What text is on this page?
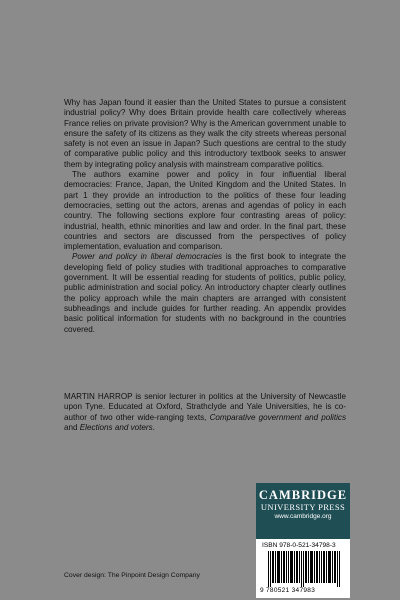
Why has Japan found it easier than the United States to pursue a consistent industrial policy? Why does Britain provide health care collectively whereas France relies on private provision? Why is the American government unable to ensure the safety of its citizens as they walk the city streets whereas personal safety is not even an issue in Japan? Such questions are central to the study of comparative public policy and this introductory textbook seeks to answer them by integrating policy analysis with mainstream comparative politics.

The authors examine power and policy in four influential liberal democracies: France, Japan, the United Kingdom and the United States. In part 1 they provide an introduction to the politics of these four leading democracies, setting out the actors, arenas and agendas of policy in each country. The following sections explore four contrasting areas of policy: industrial, health, ethnic minorities and law and order. In the final part, these countries and sectors are discussed from the perspectives of policy implementation, evaluation and comparison.

Power and policy in liberal democracies is the first book to integrate the developing field of policy studies with traditional approaches to comparative government. It will be essential reading for students of politics, public policy, public administration and social policy. An introductory chapter clearly outlines the policy approach while the main chapters are arranged with consistent subheadings and include guides for further reading. An appendix provides basic political information for students with no background in the countries covered.

MARTIN HARROP is senior lecturer in politics at the University of Newcastle upon Tyne. Educated at Oxford, Strathclyde and Yale Universities, he is co-author of two other wide-ranging texts, Comparative government and politics and Elections and voters.

Cover design: The Pinpoint Design Company
CAMBRIDGE
UNIVERSITY PRESS
www.cambridge.org
ISBN 978-0-521-34798-3
9 780521 347983
